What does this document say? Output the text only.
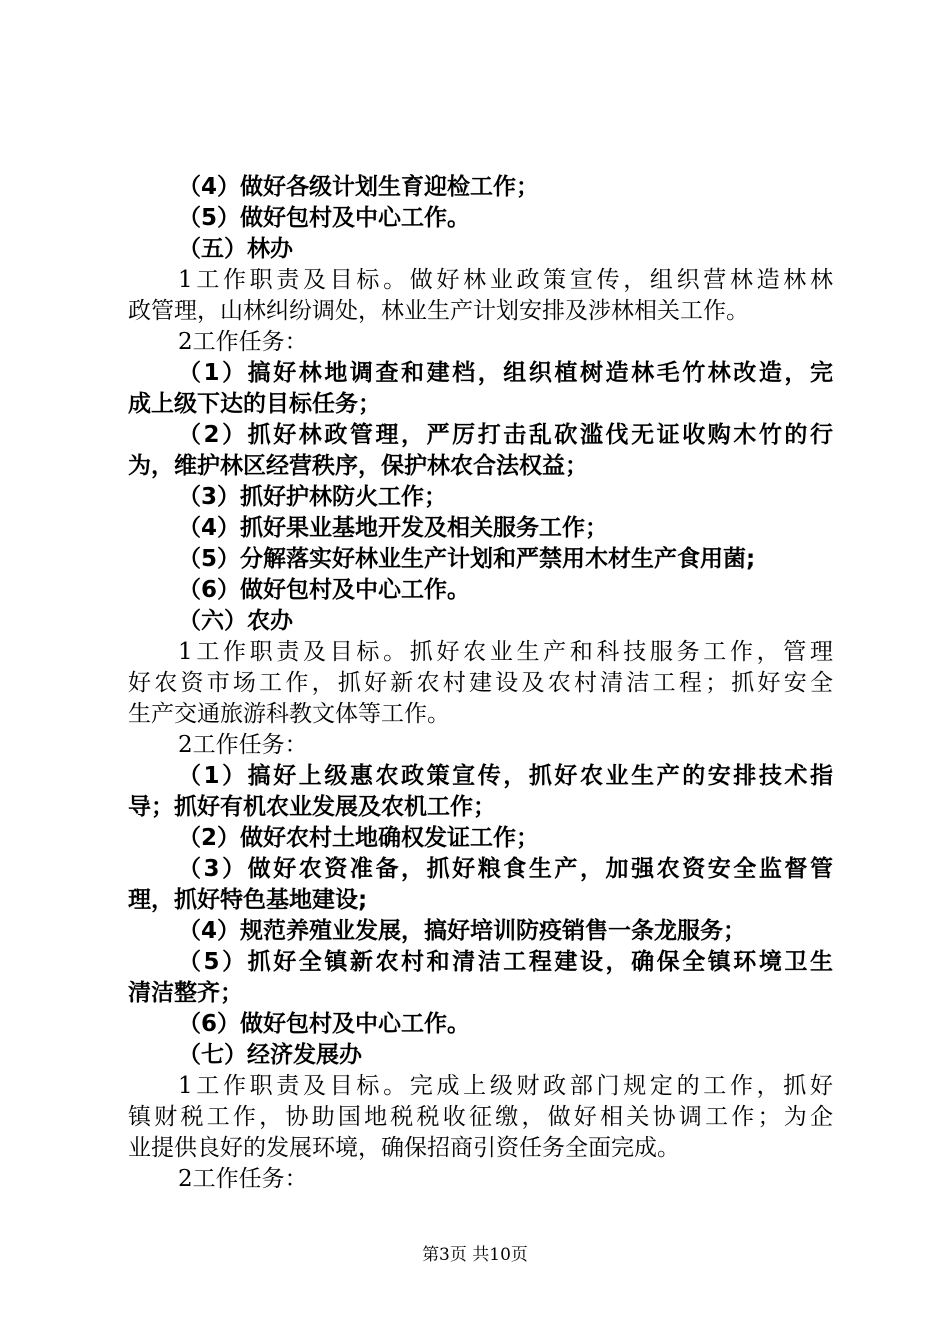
（4）做好各级计划生育迎检工作；
（5）做好包村及中心工作。
（五）林办
1工作职责及目标。做好林业政策宣传，组织营林造林林
政管理，山林纠纷调处，林业生产计划安排及涉林相关工作。
2工作任务：
（1）搞好林地调查和建档，组织植树造林毛竹林改造，完
成上级下达的目标任务；
（2）抓好林政管理，严厉打击乱砍滥伐无证收购木竹的行
为，维护林区经营秩序，保护林农合法权益；
（3）抓好护林防火工作；
（4）抓好果业基地开发及相关服务工作；
（5）分解落实好林业生产计划和严禁用木材生产食用菌;
（6）做好包村及中心工作。
（六）农办
1工作职责及目标。抓好农业生产和科技服务工作，管理
好农资市场工作，抓好新农村建设及农村清洁工程；抓好安全
生产交通旅游科教文体等工作。
2工作任务：
（1）搞好上级惠农政策宣传，抓好农业生产的安排技术指
导；抓好有机农业发展及农机工作；
（2）做好农村土地确权发证工作；
（3）做好农资准备，抓好粮食生产，加强农资安全监督管
理，抓好特色基地建设;
（4）规范养殖业发展，搞好培训防疫销售一条龙服务；
（5）抓好全镇新农村和清洁工程建设，确保全镇环境卫生
清洁整齐；
（6）做好包村及中心工作。
（七）经济发展办
1工作职责及目标。完成上级财政部门规定的工作，抓好
镇财税工作，协助国地税税收征缴，做好相关协调工作；为企
业提供良好的发展环境，确保招商引资任务全面完成。
2工作任务：
第3页 共10页
